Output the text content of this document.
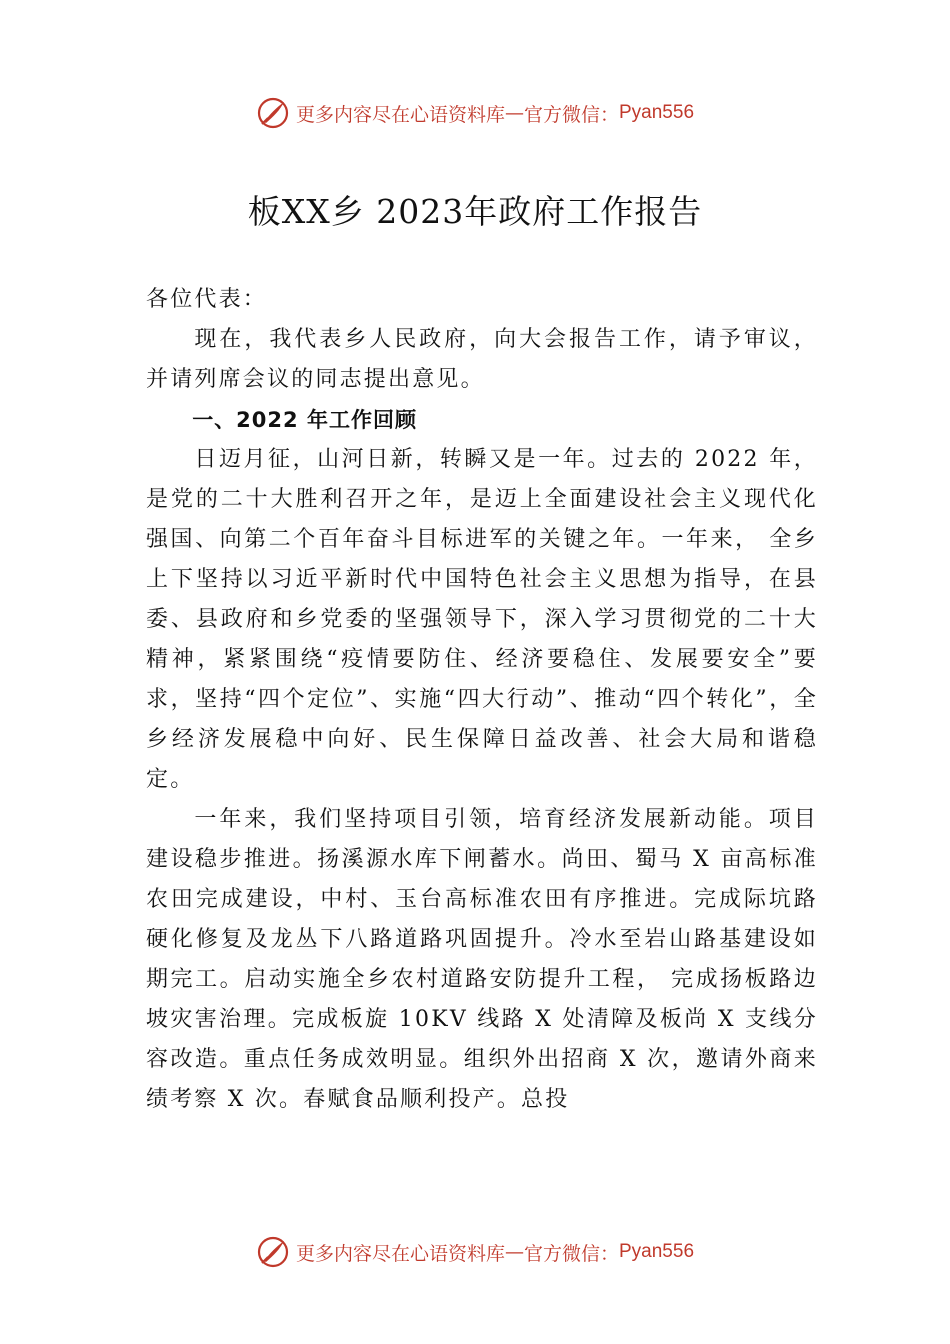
更多内容尽在心语资料库 — 官方微信： Pyan556
板XX乡 2023年政府工作报告

各位代表：

现在，我代表乡人民政府，向大会报告工作，请予审议，并请列席会议的同志提出意见。

一、2022 年工作回顾

日迈月征，山河日新，转瞬又是一年。过去的 2022 年，是党的二十大胜利召开之年，是迈上全面建设社会主义现代化强国、向第二个百年奋斗目标进军的关键之年。一年来， 全乡上下坚持以习近平新时代中国特色社会主义思想为指导，在县委、县政府和乡党委的坚强领导下，深入学习贯彻党的二十大精神，紧紧围绕“疫情要防住、经济要稳住、发展要安全”要求，坚持“四个定位”、实施“四大行动”、推动“四个转化”，全乡经济发展稳中向好、民生保障日益改善、社会大局和谐稳定。

一年来，我们坚持项目引领，培育经济发展新动能。项目建设稳步推进。扬溪源水库下闸蓄水。尚田、蜀马 X 亩高标准农田完成建设，中村、玉台高标准农田有序推进。完成际坑路硬化修复及龙丛下八路道路巩固提升。冷水至岩山路基建设如期完工。启动实施全乡农村道路安防提升工程， 完成扬板路边坡灾害治理。完成板旋 10KV 线路 X 处清障及板尚 X 支线分容改造。重点任务成效明显。组织外出招商 X 次，邀请外商来绩考察 X 次。春赋食品顺利投产。总投

更多内容尽在心语资料库 — 官方微信： Pyan556
